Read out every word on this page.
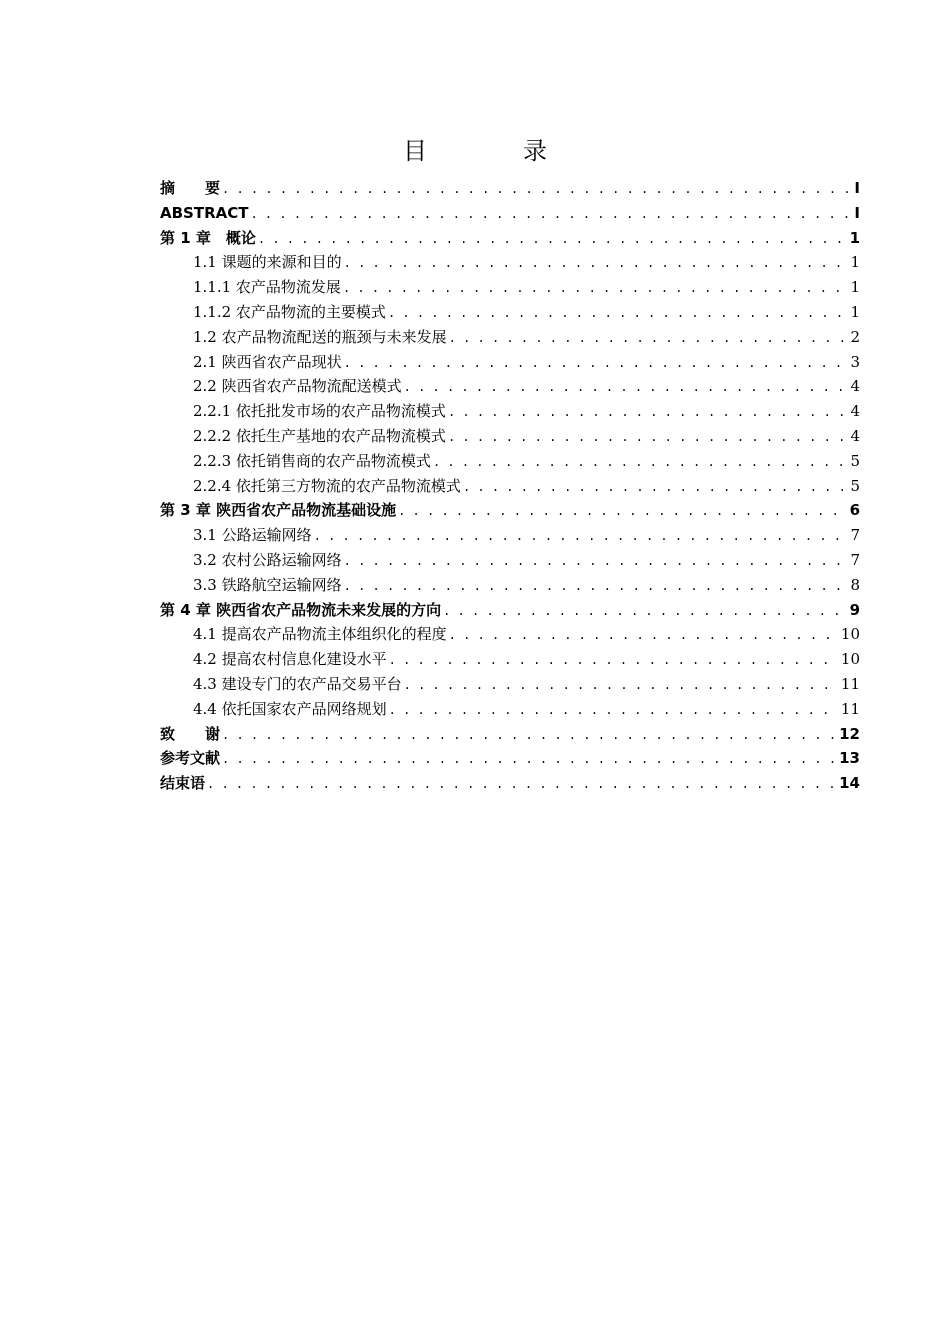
目　录
摘　　要 . . .	I
ABSTRACT . . .	I
第 1 章　概论 . . .	1
1.1 课题的来源和目的 . . .	1
1.1.1 农产品物流发展 . . .	1
1.1.2 农产品物流的主要模式 . . .	1
1.2 农产品物流配送的瓶颈与未来发展 . . .	2
2.1 陕西省农产品现状 . . .	3
2.2 陕西省农产品物流配送模式 . . .	4
2.2.1 依托批发市场的农产品物流模式 . . .	4
2.2.2 依托生产基地的农产品物流模式 . . .	4
2.2.3 依托销售商的农产品物流模式 . . .	5
2.2.4 依托第三方物流的农产品物流模式 . . .	5
第 3 章 陕西省农产品物流基础设施 . . .	6
3.1 公路运输网络 . . .	7
3.2 农村公路运输网络 . . .	7
3.3 铁路航空运输网络 . . .	8
第 4 章 陕西省农产品物流未来发展的方向 . . .	9
4.1 提高农产品物流主体组织化的程度 . . .	10
4.2 提高农村信息化建设水平 . . .	10
4.3 建设专门的农产品交易平台 . . .	11
4.4 依托国家农产品网络规划 . . .	11
致　　谢 . . .	12
参考文献 . . .	13
结束语 . . .	14
